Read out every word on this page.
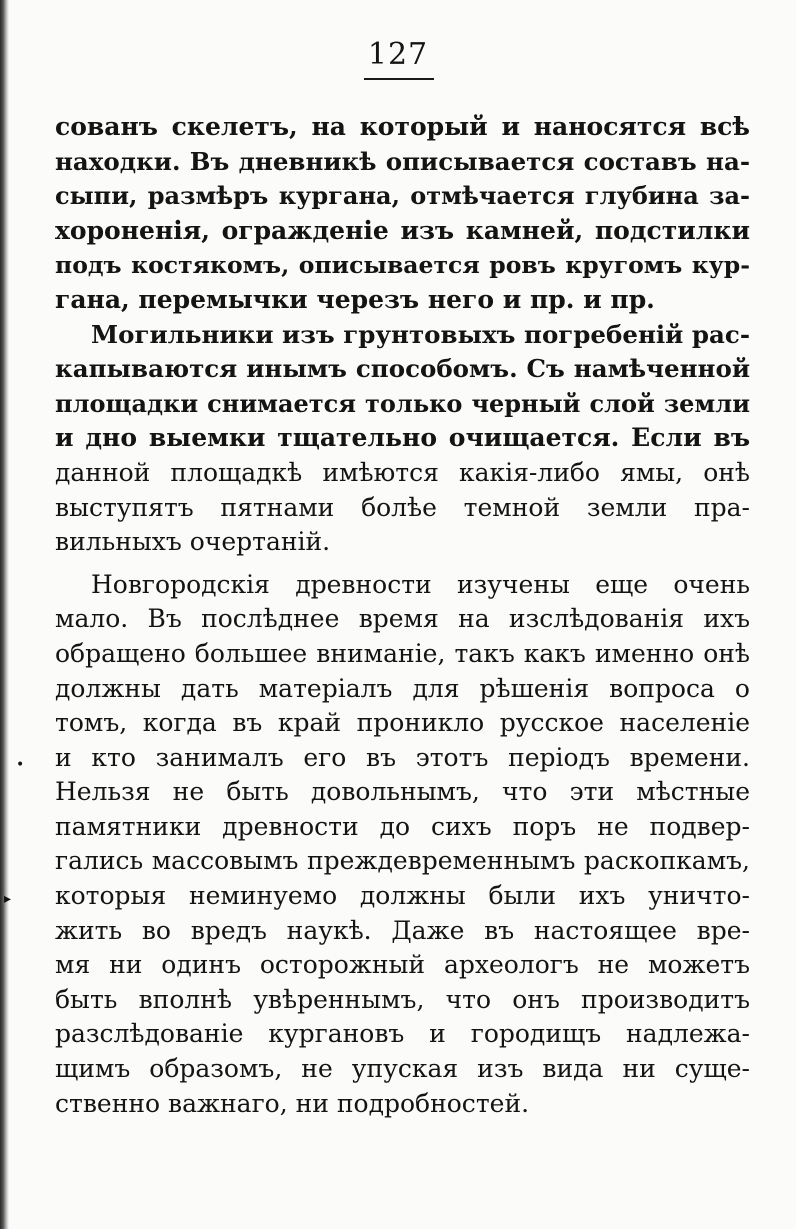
127
•
▸
сованъ скелетъ, на который и наносятся всѣ
находки. Въ дневникѣ описывается составъ на-
сыпи, размѣръ кургана, отмѣчается глубина за-
хороненія, огражденіе изъ камней, подстилки
подъ костякомъ, описывается ровъ кругомъ кур-
гана, перемычки черезъ него и пр. и пр.
Могильники изъ грунтовыхъ погребеній рас-
капываются инымъ способомъ. Съ намѣченной
площадки снимается только черный слой земли
и дно выемки тщательно очищается. Если въ
данной площадкѣ имѣются какія-либо ямы, онѣ
выступятъ пятнами болѣе темной земли пра-
вильныхъ очертаній.
Новгородскія древности изучены еще очень
мало. Въ послѣднее время на изслѣдованія ихъ
обращено большее вниманіе, такъ какъ именно онѣ
должны дать матеріалъ для рѣшенія вопроса о
томъ, когда въ край проникло русское населеніе
и кто занималъ его въ этотъ періодъ времени.
Нельзя не быть довольнымъ, что эти мѣстные
памятники древности до сихъ поръ не подвер-
гались массовымъ преждевременнымъ раскопкамъ,
которыя неминуемо должны были ихъ уничто-
жить во вредъ наукѣ. Даже въ настоящее вре-
мя ни одинъ осторожный археологъ не можетъ
быть вполнѣ увѣреннымъ, что онъ производитъ
разслѣдованіе кургановъ и городищъ надлежа-
щимъ образомъ, не упуская изъ вида ни суще-
ственно важнаго, ни подробностей.
